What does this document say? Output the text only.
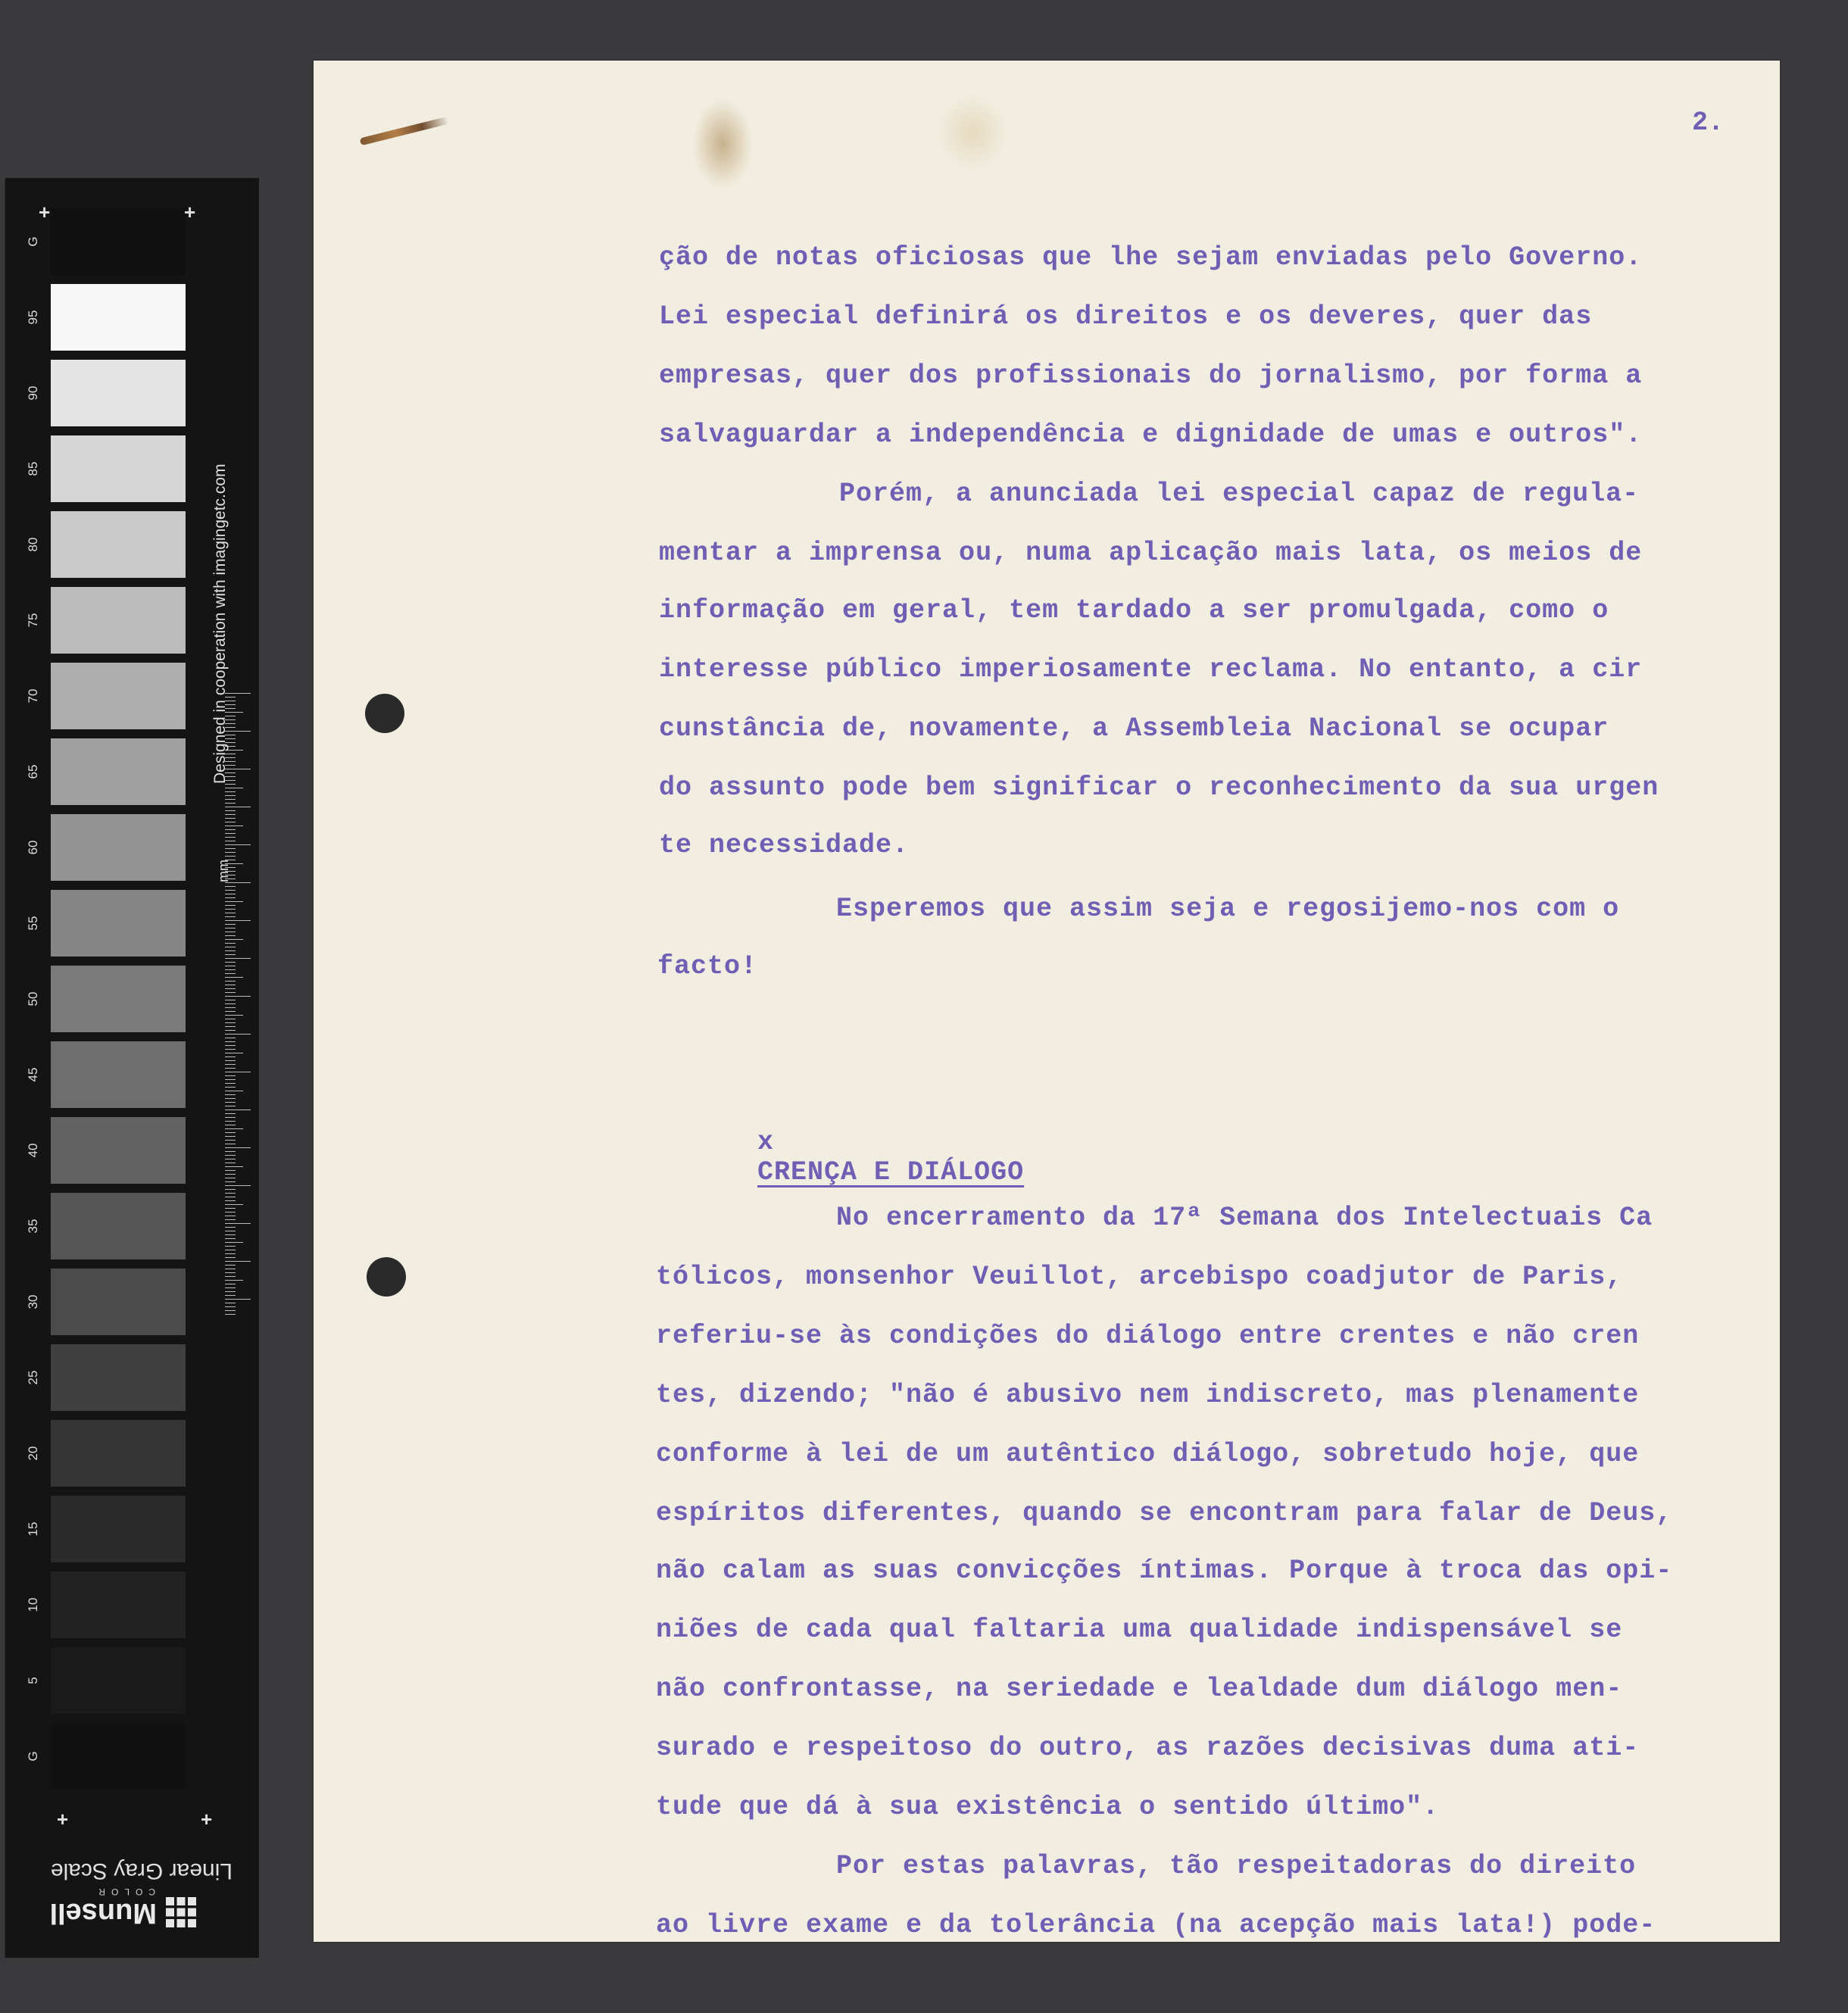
G
95
90
85
80
75
70
65
60
55
50
45
40
35
30
25
20
15
10
5
G
+	+
+	+
Designed in cooperation with imagingetc.com
mm
Linear Gray Scale
Munsell
COLOR
2.
ção de notas oficiosas que lhe sejam enviadas pelo Governo.
Lei especial definirá os direitos e os deveres, quer das
empresas, quer dos profissionais do jornalismo, por forma a
salvaguardar a independência e dignidade de umas e outros".
Porém, a anunciada lei especial capaz de regula-
mentar a imprensa ou, numa aplicação mais lata, os meios de
informação em geral, tem tardado a ser promulgada, como o
interesse público imperiosamente reclama. No entanto, a cir
cunstância de, novamente, a Assembleia Nacional se ocupar
do assunto pode bem significar o reconhecimento da sua urgen
te necessidade.
Esperemos que assim seja e regosijemo-nos com o
facto!

x
CRENÇA E DIÁLOGO

No encerramento da 17ª Semana dos Intelectuais Ca
tólicos, monsenhor Veuillot, arcebispo coadjutor de Paris,
referiu-se às condições do diálogo entre crentes e não cren
tes, dizendo; "não é abusivo nem indiscreto, mas plenamente
conforme à lei de um autêntico diálogo, sobretudo hoje, que
espíritos diferentes, quando se encontram para falar de Deus,
não calam as suas convicções íntimas. Porque à troca das opi-
niões de cada qual faltaria uma qualidade indispensável se
não confrontasse, na seriedade e lealdade dum diálogo men-
surado e respeitoso do outro, as razões decisivas duma ati-
tude que dá à sua existência o sentido último".
Por estas palavras, tão respeitadoras do direito
ao livre exame e da tolerância (na acepção mais lata!) pode-
